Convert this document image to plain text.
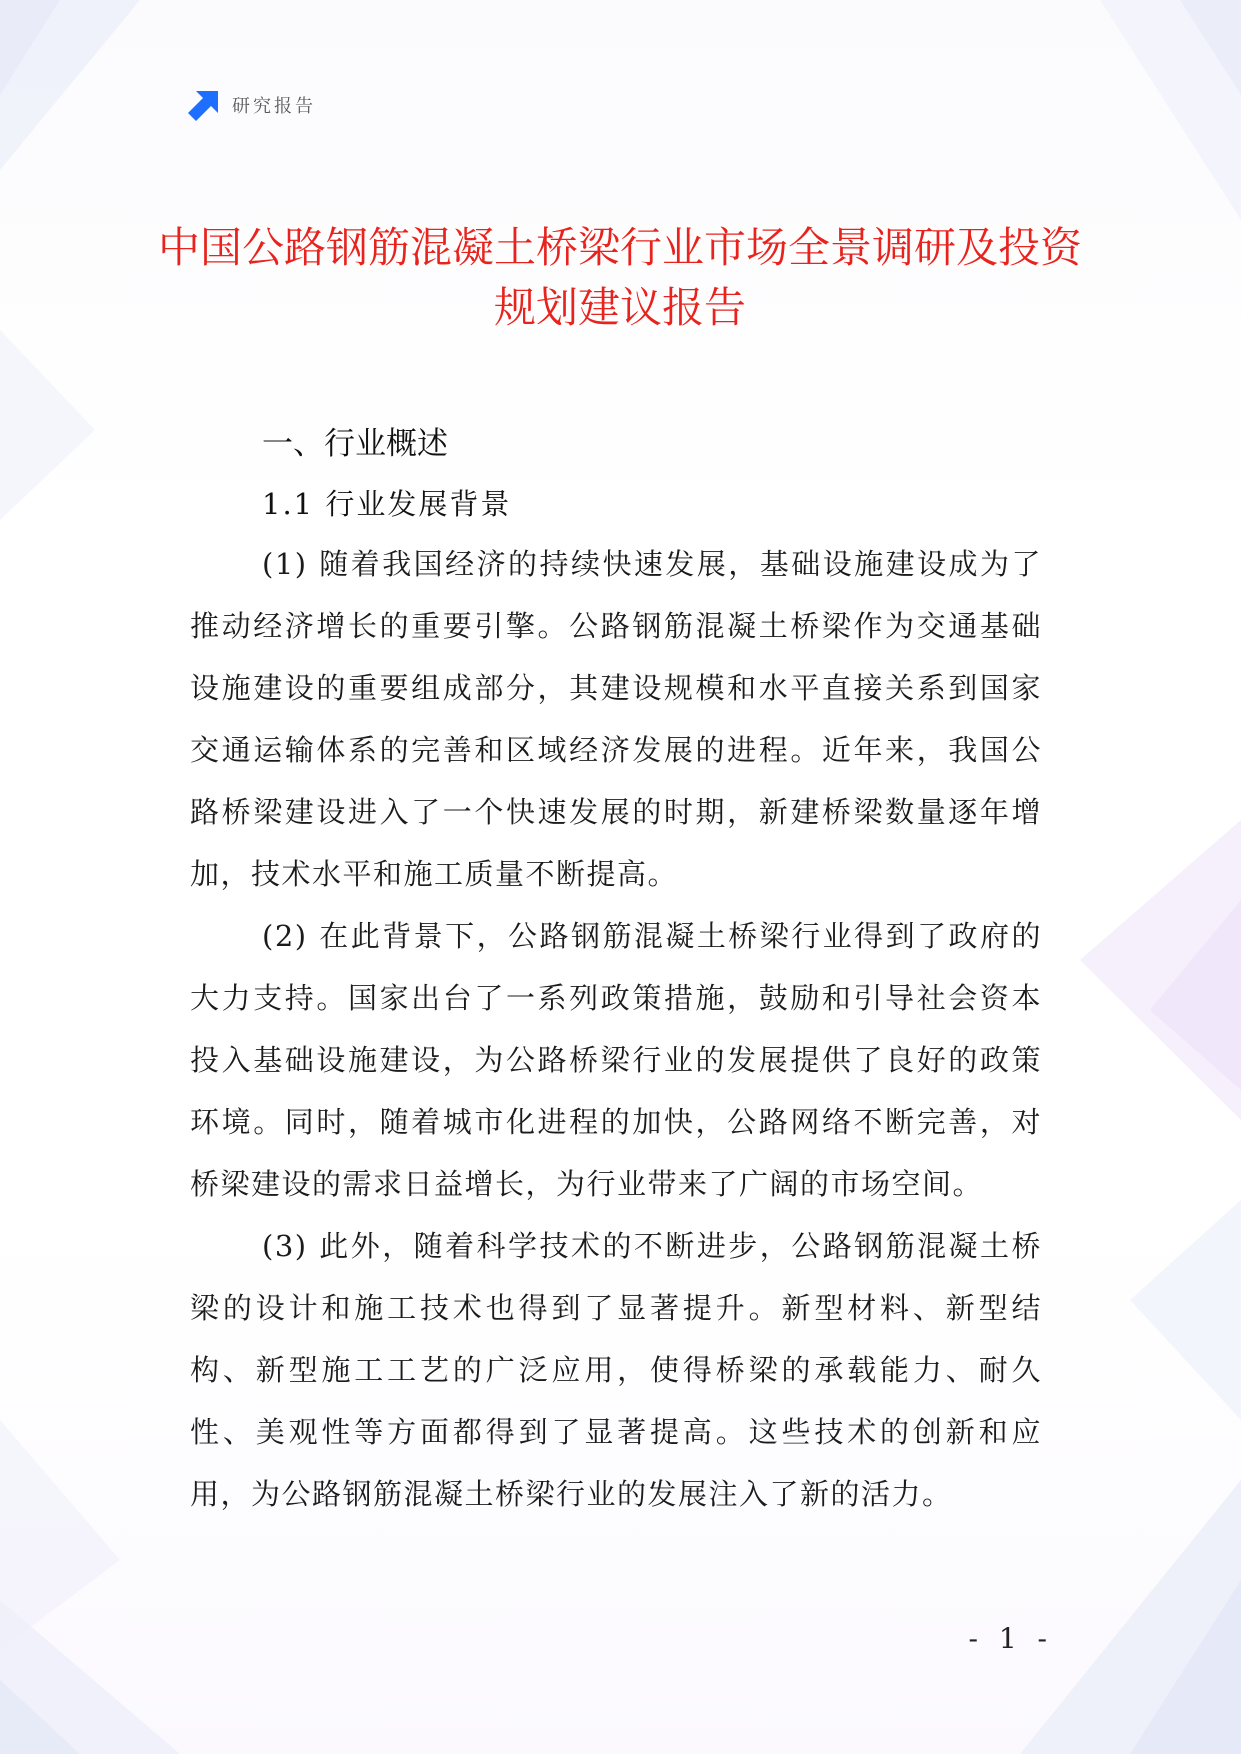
研究报告
中国公路钢筋混凝土桥梁行业市场全景调研及投资规划建议报告
一、行业概述
1.1 行业发展背景

(1) 随着我国经济的持续快速发展，基础设施建设成为了推动经济增长的重要引擎。公路钢筋混凝土桥梁作为交通基础设施建设的重要组成部分，其建设规模和水平直接关系到国家交通运输体系的完善和区域经济发展的进程。近年来，我国公路桥梁建设进入了一个快速发展的时期，新建桥梁数量逐年增加，技术水平和施工质量不断提高。

(2) 在此背景下，公路钢筋混凝土桥梁行业得到了政府的大力支持。国家出台了一系列政策措施，鼓励和引导社会资本投入基础设施建设，为公路桥梁行业的发展提供了良好的政策环境。同时，随着城市化进程的加快，公路网络不断完善，对桥梁建设的需求日益增长，为行业带来了广阔的市场空间。

(3) 此外，随着科学技术的不断进步，公路钢筋混凝土桥梁的设计和施工技术也得到了显著提升。新型材料、新型结构、新型施工工艺的广泛应用，使得桥梁的承载能力、耐久性、美观性等方面都得到了显著提高。这些技术的创新和应用，为公路钢筋混凝土桥梁行业的发展注入了新的活力。

- 1 -
